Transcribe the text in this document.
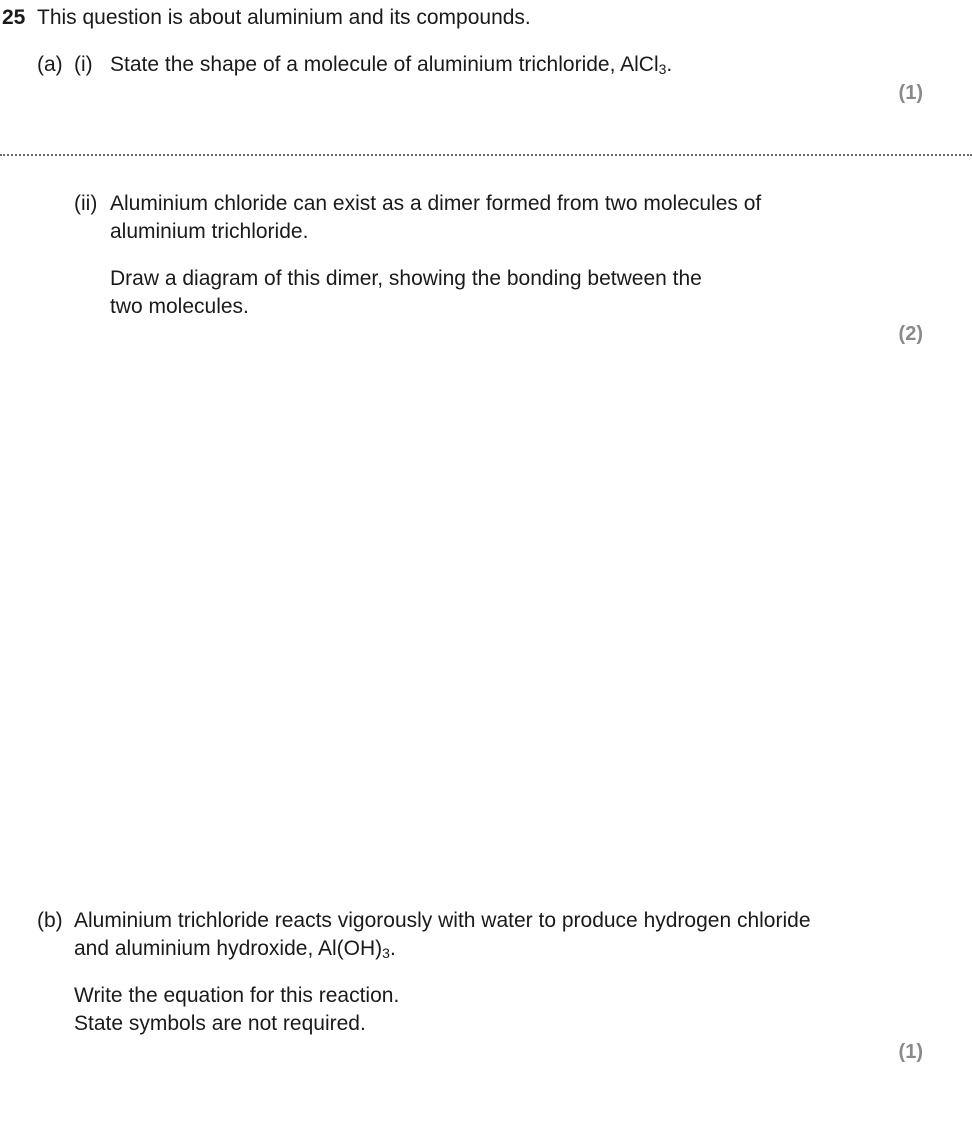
25 This question is about aluminium and its compounds.
(a) (i) State the shape of a molecule of aluminium trichloride, AlCl$_3$.
(1)
(ii) Aluminium chloride can exist as a dimer formed from two molecules of
aluminium trichloride.
Draw a diagram of this dimer, showing the bonding between the
two molecules.
(2)
(b) Aluminium trichloride reacts vigorously with water to produce hydrogen chloride
and aluminium hydroxide, $Al(OH)_3$.
Write the equation for this reaction.
State symbols are not required.
(1)
